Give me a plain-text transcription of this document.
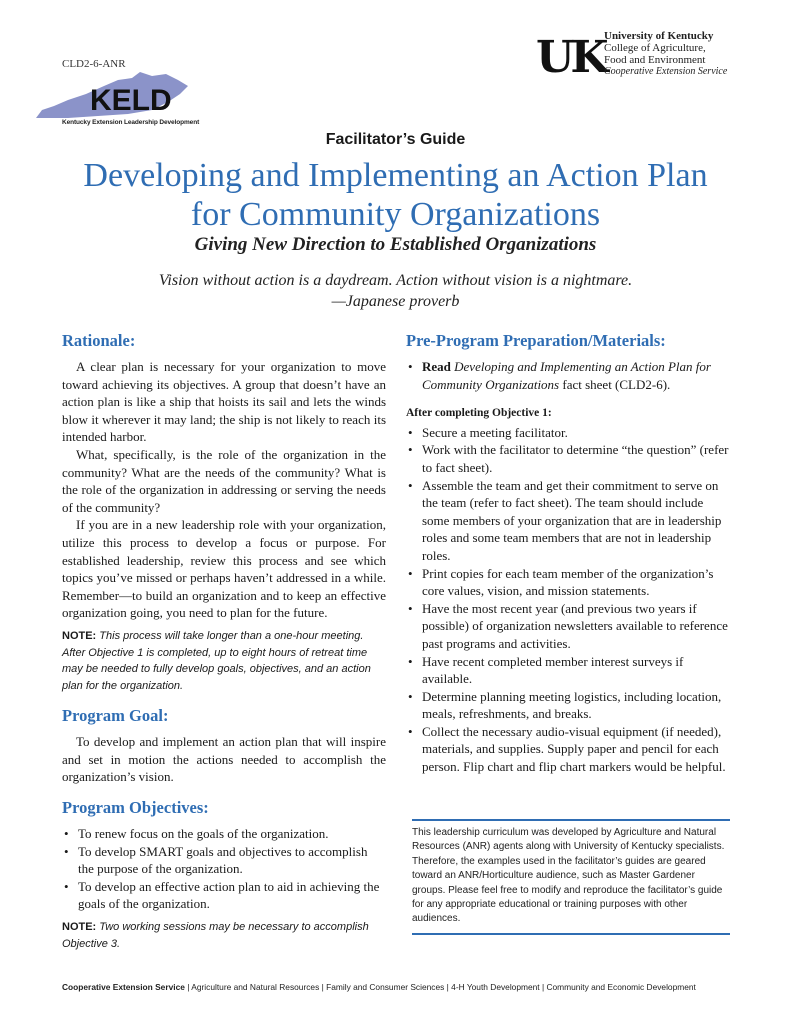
CLD2-6-ANR
KELD
Kentucky Extension Leadership Development
UK University of Kentucky
College of Agriculture,
Food and Environment
Cooperative Extension Service
Facilitator’s Guide
Developing and Implementing an Action Plan
for Community Organizations
Giving New Direction to Established Organizations
Vision without action is a daydream. Action without vision is a nightmare.
—Japanese proverb
Rationale:

A clear plan is necessary for your organization to move toward achieving its objectives. A group that doesn’t have an action plan is like a ship that hoists its sail and lets the winds blow it wherever it may land; the ship is not likely to reach its intended harbor.

What, specifically, is the role of the organization in the community? What are the needs of the community? What is the role of the organization in addressing or serving the needs of the community?

If you are in a new leadership role with your organization, utilize this process to develop a focus or purpose. For established leadership, review this process and see which topics you’ve missed or perhaps haven’t addressed in a while. Remember—to build an organization and to keep an effective organization going, you need to plan for the future.

NOTE: This process will take longer than a one-hour meeting. After Objective 1 is completed, up to eight hours of retreat time may be needed to fully develop goals, objectives, and an action plan for the organization.
Program Goal:

To develop and implement an action plan that will inspire and set in motion the actions needed to accomplish the organization’s vision.

Program Objectives:
• To renew focus on the goals of the organization.
• To develop SMART goals and objectives to accomplish the purpose of the organization.
• To develop an effective action plan to aid in achieving the goals of the organization.
NOTE: Two working sessions may be necessary to accomplish Objective 3.
Pre-Program Preparation/Materials:
• Read Developing and Implementing an Action Plan for Community Organizations fact sheet (CLD2-6).
After completing Objective 1:
• Secure a meeting facilitator.
• Work with the facilitator to determine “the question” (refer to fact sheet).
• Assemble the team and get their commitment to serve on the team (refer to fact sheet). The team should include some members of your organization that are in leadership roles and some team members that are not in leadership roles.
• Print copies for each team member of the organization’s core values, vision, and mission statements.
• Have the most recent year (and previous two years if possible) of organization newsletters available to reference past programs and activities.
• Have recent completed member interest surveys if available.
• Determine planning meeting logistics, including location, meals, refreshments, and breaks.
• Collect the necessary audio-visual equipment (if needed), materials, and supplies. Supply paper and pencil for each person. Flip chart and flip chart markers would be helpful.
This leadership curriculum was developed by Agriculture and Natural Resources (ANR) agents along with University of Kentucky specialists. Therefore, the examples used in the facilitator’s guides are geared toward an ANR/Horticulture audience, such as Master Gardener groups. Please feel free to modify and reproduce the facilitator’s guide for any appropriate educational or training purposes with other audiences.
Cooperative Extension Service | Agriculture and Natural Resources | Family and Consumer Sciences | 4-H Youth Development | Community and Economic Development
